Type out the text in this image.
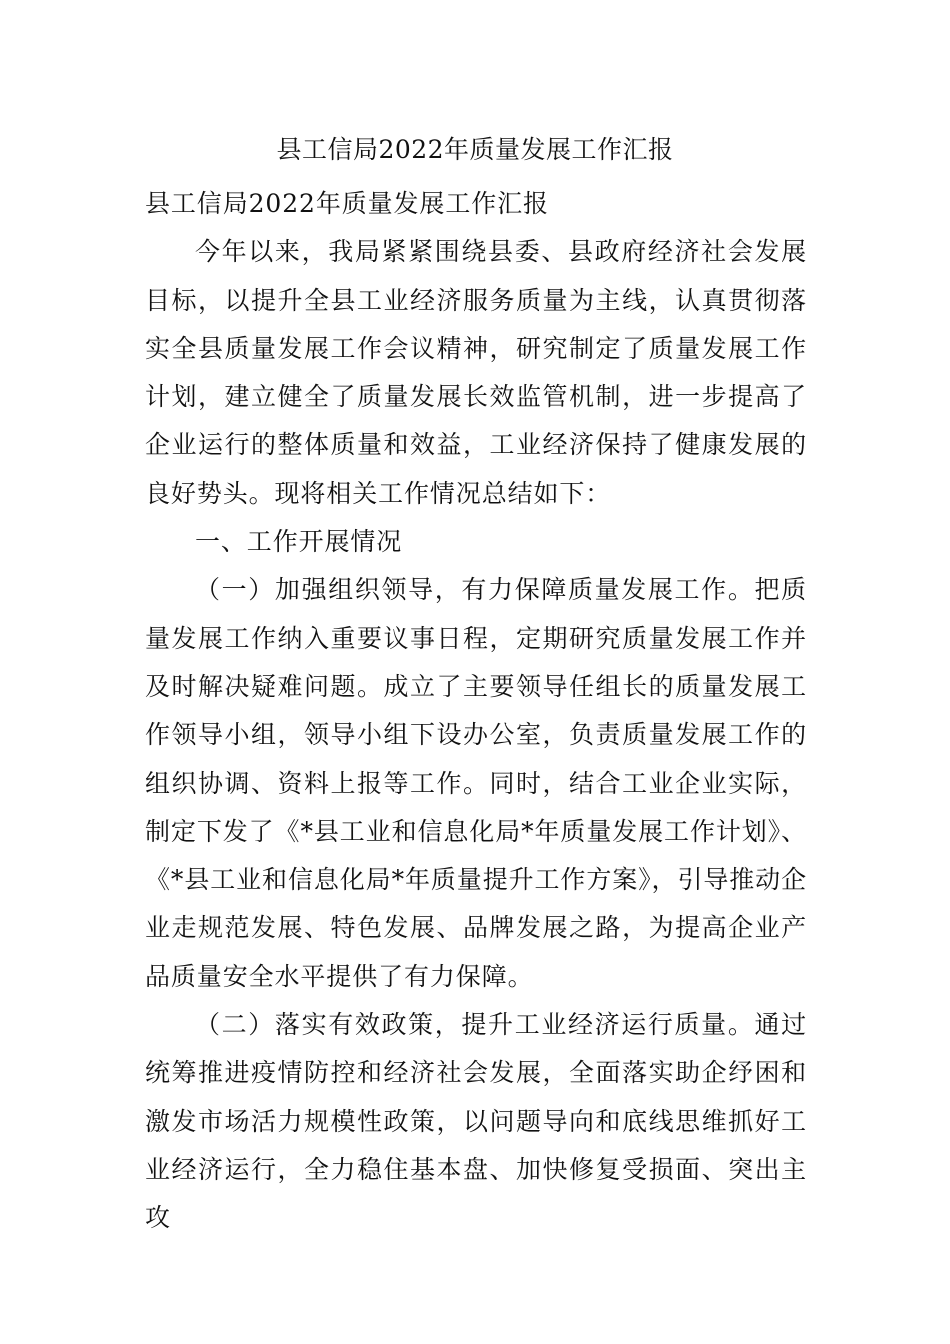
县工信局2022年质量发展工作汇报

县工信局2022年质量发展工作汇报

今年以来，我局紧紧围绕县委、县政府经济社会发展目标，以提升全县工业经济服务质量为主线，认真贯彻落实全县质量发展工作会议精神，研究制定了质量发展工作计划，建立健全了质量发展长效监管机制，进一步提高了企业运行的整体质量和效益，工业经济保持了健康发展的良好势头。现将相关工作情况总结如下：

一、工作开展情况

（一）加强组织领导，有力保障质量发展工作。把质量发展工作纳入重要议事日程，定期研究质量发展工作并及时解决疑难问题。成立了主要领导任组长的质量发展工作领导小组，领导小组下设办公室，负责质量发展工作的组织协调、资料上报等工作。同时，结合工业企业实际，制定下发了《*县工业和信息化局*年质量发展工作计划》、《*县工业和信息化局*年质量提升工作方案》，引导推动企业走规范发展、特色发展、品牌发展之路，为提高企业产品质量安全水平提供了有力保障。

（二）落实有效政策，提升工业经济运行质量。通过统筹推进疫情防控和经济社会发展，全面落实助企纾困和激发市场活力规模性政策，以问题导向和底线思维抓好工业经济运行，全力稳住基本盘、加快修复受损面、突出主攻
